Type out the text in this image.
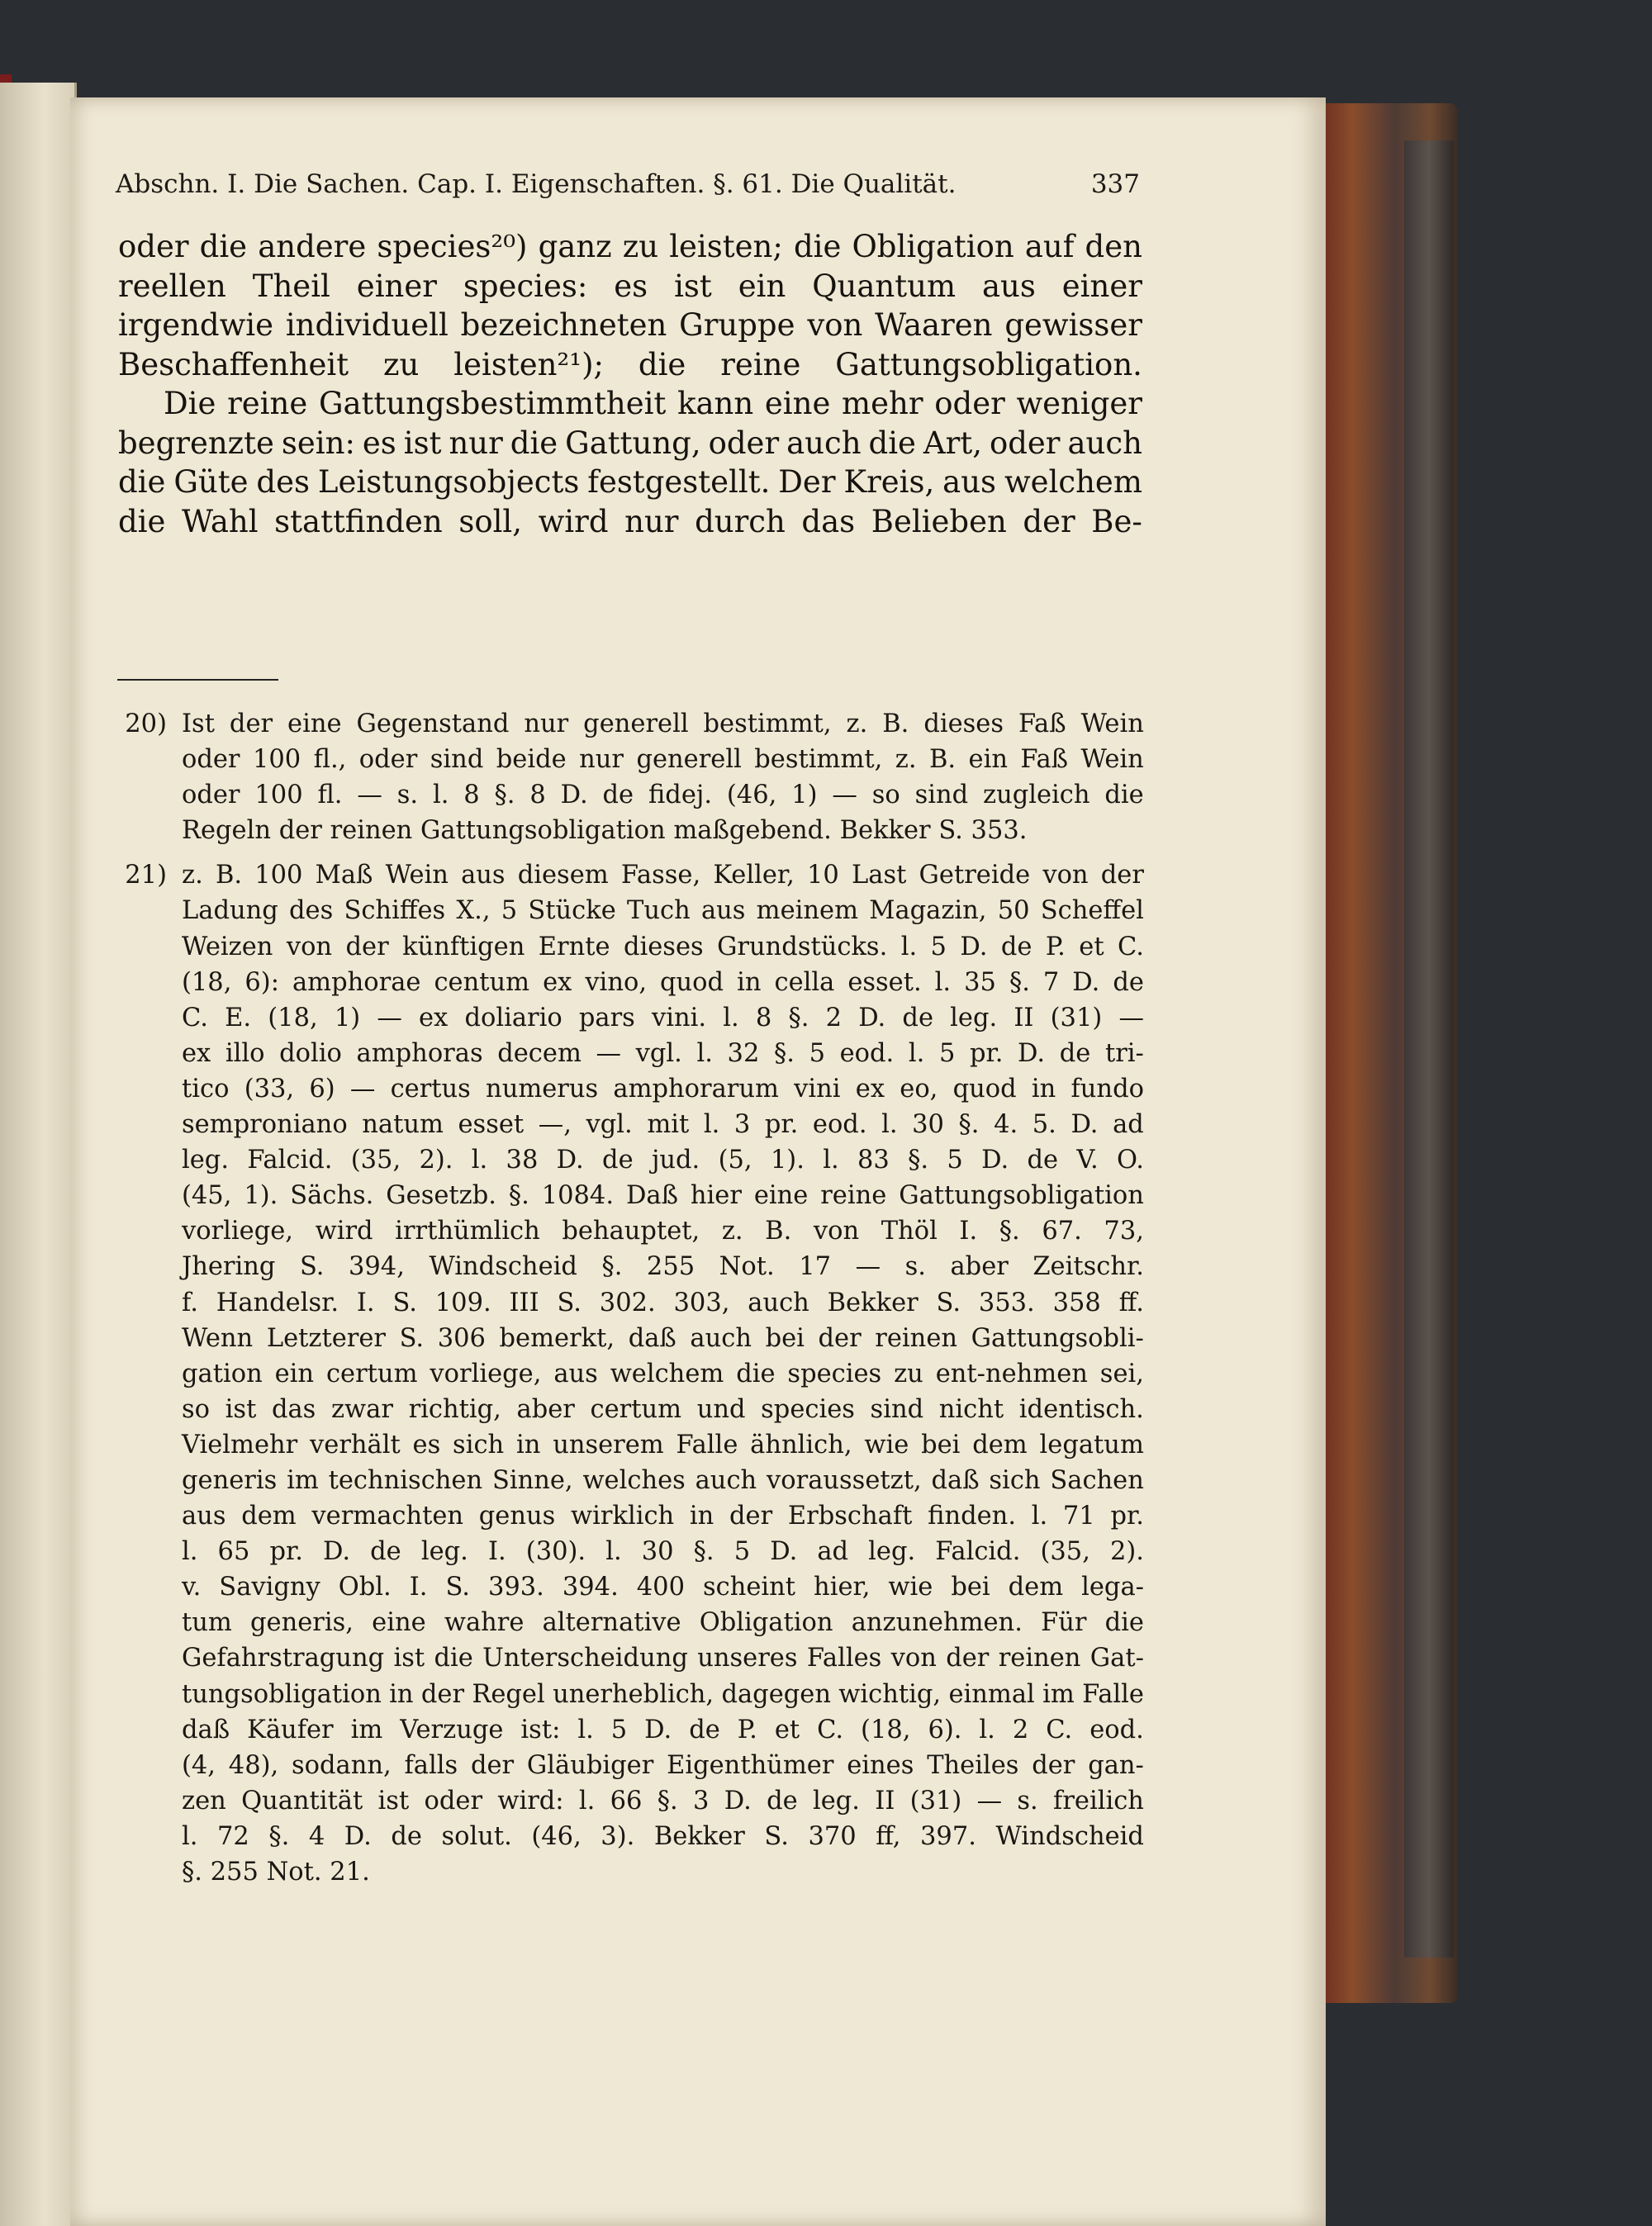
Abschn. I. Die Sachen. Cap. I. Eigenschaften. §. 61. Die Qualität.	337
oder die andere species²⁰) ganz zu leisten; die Obligation auf den
reellen Theil einer species: es ist ein Quantum aus einer
irgendwie individuell bezeichneten Gruppe von Waaren gewisser
Beschaffenheit zu leisten²¹); die reine Gattungsobligation.
Die reine Gattungsbestimmtheit kann eine mehr oder weniger
begrenzte sein: es ist nur die Gattung, oder auch die Art, oder auch
die Güte des Leistungsobjects festgestellt. Der Kreis, aus welchem
die Wahl stattfinden soll, wird nur durch das Belieben der Be-
20) Ist der eine Gegenstand nur generell bestimmt, z. B. dieses Faß Wein
oder 100 fl., oder sind beide nur generell bestimmt, z. B. ein Faß Wein
oder 100 fl. — s. l. 8 §. 8 D. de fidej. (46, 1) — so sind zugleich die
Regeln
der
reinen
Gattungsobligation
maßgebend.
Bekker
S.
353.
21) z. B. 100 Maß Wein aus diesem Fasse, Keller, 10 Last Getreide von der
Ladung des Schiffes X., 5 Stücke Tuch aus meinem Magazin, 50 Scheffel
Weizen von der künftigen Ernte dieses Grundstücks. l. 5 D. de P. et C.
(18, 6): amphorae centum ex vino, quod in cella esset. l. 35 §. 7 D. de
C. E. (18, 1) — ex doliario pars vini. l. 8 §. 2 D. de leg. II (31) —
ex illo dolio amphoras decem — vgl. l. 32 §. 5 eod. l. 5 pr. D. de tri-
tico (33, 6) — certus numerus amphorarum vini ex eo, quod in fundo
semproniano natum esset —, vgl. mit l. 3 pr. eod. l. 30 §. 4. 5. D. ad
leg. Falcid. (35, 2). l. 38 D. de jud. (5, 1). l. 83 §. 5 D. de V. O.
(45, 1). Sächs. Gesetzb. §. 1084. Daß hier eine reine Gattungsobligation
vorliege, wird irrthümlich behauptet, z. B. von Thöl I. §. 67. 73,
Jhering S. 394, Windscheid §. 255 Not. 17 — s. aber Zeitschr.
f. Handelsr. I. S. 109. III S. 302. 303, auch Bekker S. 353. 358 ff.
Wenn Letzterer S. 306 bemerkt, daß auch bei der reinen Gattungsobli-
gation ein certum vorliege, aus welchem die species zu ent-nehmen sei,
so ist das zwar richtig, aber certum und species sind nicht identisch.
Vielmehr verhält es sich in unserem Falle ähnlich, wie bei dem legatum
generis im technischen Sinne, welches auch voraussetzt, daß sich Sachen
aus dem vermachten genus wirklich in der Erbschaft finden. l. 71 pr.
l. 65 pr. D. de leg. I. (30). l. 30 §. 5 D. ad leg. Falcid. (35, 2).
v. Savigny Obl. I. S. 393. 394. 400 scheint hier, wie bei dem lega-
tum generis, eine wahre alternative Obligation anzunehmen. Für die
Gefahrstragung ist die Unterscheidung unseres Falles von der reinen Gat-
tungsobligation in der Regel unerheblich, dagegen wichtig, einmal im Falle
daß Käufer im Verzuge ist: l. 5 D. de P. et C. (18, 6). l. 2 C. eod.
(4, 48), sodann, falls der Gläubiger Eigenthümer eines Theiles der gan-
zen Quantität ist oder wird: l. 66 §. 3 D. de leg. II (31) — s. freilich
l. 72 §. 4 D. de solut. (46, 3). Bekker S. 370 ff, 397. Windscheid
§.
255
Not.
21.
